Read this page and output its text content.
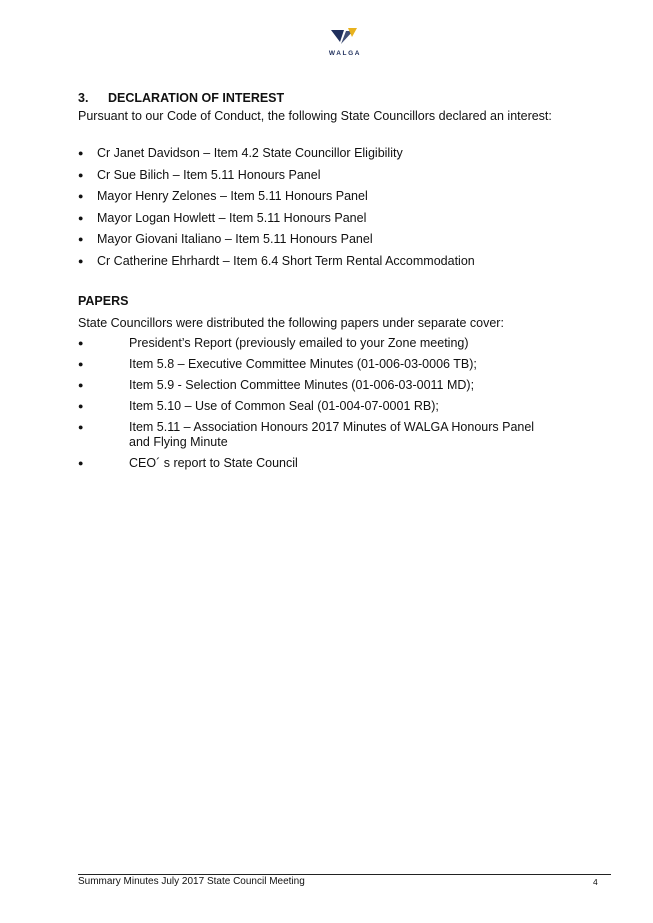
WALGA
3. DECLARATION OF INTEREST

Pursuant to our Code of Conduct, the following State Councillors declared an interest:

● Cr Janet Davidson – Item 4.2 State Councillor Eligibility
● Cr Sue Bilich – Item 5.11 Honours Panel
● Mayor Henry Zelones – Item 5.11 Honours Panel
● Mayor Logan Howlett – Item 5.11 Honours Panel
● Mayor Giovani Italiano – Item 5.11 Honours Panel
● Cr Catherine Ehrhardt – Item 6.4 Short Term Rental Accommodation
PAPERS

State Councillors were distributed the following papers under separate cover:

●	President’s Report (previously emailed to your Zone meeting)
●	Item 5.8 – Executive Committee Minutes (01-006-03-0006 TB);
●	Item 5.9 - Selection Committee Minutes (01-006-03-0011 MD);
●	Item 5.10 – Use of Common Seal (01-004-07-0001 RB);
●	Item 5.11 – Association Honours 2017 Minutes of WALGA Honours Panel and Flying Minute
●	CEO´ s report to State Council
Summary Minutes July 2017 State Council Meeting	4
